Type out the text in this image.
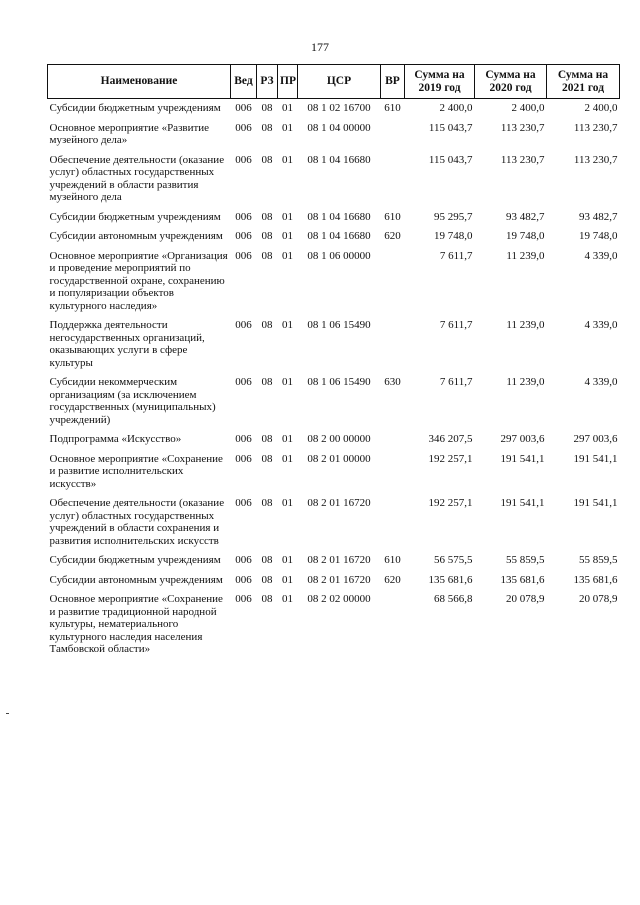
177
Наименование	Вед	РЗ	ПР	ЦСР	ВР	Сумма на 2019 год	Сумма на 2020 год	Сумма на 2021 год
Субсидии бюджетным учреждениям	006	08	01	08 1 02 16700	610	2 400,0	2 400,0	2 400,0
Основное мероприятие «Развитие музейного дела»	006	08	01	08 1 04 00000		115 043,7	113 230,7	113 230,7
Обеспечение деятельности (оказание услуг) областных государственных учреждений в области развития музейного дела	006	08	01	08 1 04 16680		115 043,7	113 230,7	113 230,7
Субсидии бюджетным учреждениям	006	08	01	08 1 04 16680	610	95 295,7	93 482,7	93 482,7
Субсидии автономным учреждениям	006	08	01	08 1 04 16680	620	19 748,0	19 748,0	19 748,0
Основное мероприятие «Организация и проведение мероприятий по государственной охране, сохранению и популяризации объектов культурного наследия»	006	08	01	08 1 06 00000		7 611,7	11 239,0	4 339,0
Поддержка деятельности негосударственных организаций, оказывающих услуги в сфере культуры	006	08	01	08 1 06 15490		7 611,7	11 239,0	4 339,0
Субсидии некоммерческим организациям (за исключением государственных (муниципальных) учреждений)	006	08	01	08 1 06 15490	630	7 611,7	11 239,0	4 339,0
Подпрограмма «Искусство»	006	08	01	08 2 00 00000		346 207,5	297 003,6	297 003,6
Основное мероприятие «Сохранение и развитие исполнительских искусств»	006	08	01	08 2 01 00000		192 257,1	191 541,1	191 541,1
Обеспечение деятельности (оказание услуг) областных государственных учреждений в области сохранения и развития исполнительских искусств	006	08	01	08 2 01 16720		192 257,1	191 541,1	191 541,1
Субсидии бюджетным учреждениям	006	08	01	08 2 01 16720	610	56 575,5	55 859,5	55 859,5
Субсидии автономным учреждениям	006	08	01	08 2 01 16720	620	135 681,6	135 681,6	135 681,6
Основное мероприятие «Сохранение и развитие традиционной народной культуры, нематериального культурного наследия населения Тамбовской области»	006	08	01	08 2 02 00000		68 566,8	20 078,9	20 078,9
